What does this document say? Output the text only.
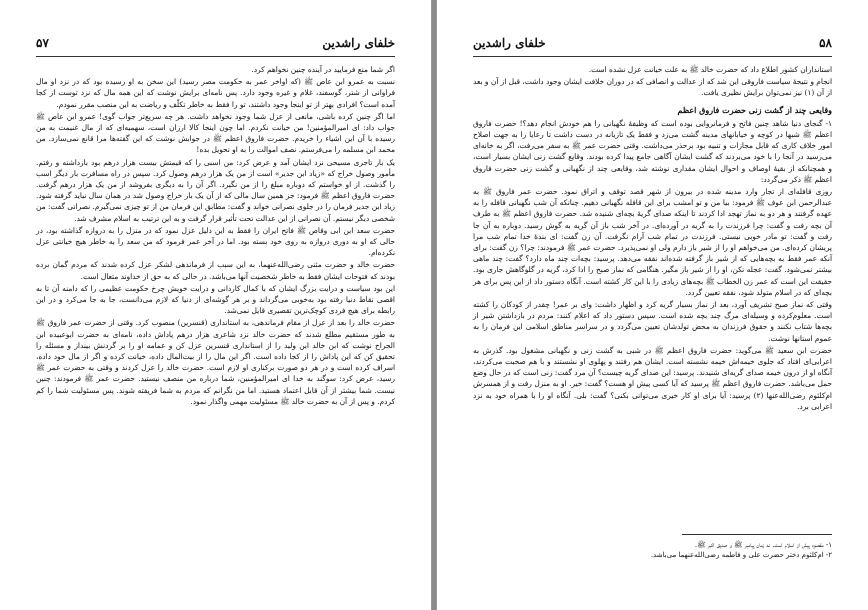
۵۷	خلفای راشدین

اگر شما منع فرمایید در آینده چنین نخواهم کرد.

نسبت به عمرو ابن عاص ﷺ (که اواخر عمر به حکومت مصر رسید) این سخن به او رسیده بود که در نزد او مال فراوانی از شتر، گوسفند، غلام و غیره وجود دارد. پس نامه‌ای برایش نوشت که این همه مال که نزد توست از کجا آمده است؟ افرادی بهتر از تو اینجا وجود داشتند، تو را فقط به خاطر تکلّف و ریاضت به این منصب مقرر نمودم.

اما اگر چنین کرده باشی، مانعی از عزل شما وجود نخواهد داشت. هر چه سریع‌تر جواب گوی! عمرو ابن عاص ﷺ جواب داد: ای امیرالمؤمنین! من خیانت نکردم. اما چون اینجا کالا ارزان است، سهمیه‌ای که از مال غنیمت به من رسیده با آن این اشیاء را خریدم. حضرت فاروق اعظم ﷺ در جوابش نوشت که این گفته‌ها مرا قانع نمی‌سازد. من محمد ابن مسلمه را می‌فرستم. نصف اموالت را به او تحویل بده!

یک بار تاجری مسیحی نزد ایشان آمد و عرض کرد: من اسبی را که قیمتش بیست هزار درهم بود بازداشته و رفتم. مأمور وصول خراج که «زیاد ابن جدیر» است از من یک هزار درهم وصول کرد. سپس در راه مسافرت بار دیگر اسب را گذشت. از او خواستم که دوباره مبلغ را از من نگیرد. اگر آن را به دیگری بفروشد از من یک هزار درهم گرفت. حضرت فاروق اعظم ﷺ فرمود: جز همین سال مالی که از آن یک بار خراج وصول شد در همان سال نباید گرفته شود. زیاد ابن جدیر فرمان را در جلوی نصرانی خواند و گفت: مطابق این فرمان من از تو چیزی نمی‌گیرم. نصرانی گفت: من شخصی دیگر نیستم. آن نصرانی از این عدالت تحت تأثیر قرار گرفت و به این ترتیب به اسلام مشرف شد.

حضرت سعد ابن ابی وقاص ﷺ فاتح ایران را فقط به این دلیل عزل نمود که در منزل را به دروازه گذاشته بود، در حالی که او به دوری دروازه به روی خود بسته بود. اما در آخر عمر فرمود که من سعد را به خاطر هیچ خیانتی عزل نکرده‌ام.

حضرت خالد و حضرت مثنی رضی‌الله‌عنهما، به این سبب از فرماندهی لشکر عزل کرده شدند که مردم گمان برده بودند که فتوحات ایشان فقط به خاطر شخصیت آنها می‌باشد. در حالی که به حق از خداوند متعال است.

این بود سیاست و درایت بزرگ ایشان که با کمال کاردانی و درایت خویش چرخ حکومت عظیمی را که دامنه آن تا به اقصی نقاط دنیا رفته بود به‌خوبی می‌گرداند و بر هر گوشه‌ای از دنیا که لازم می‌دانست، جا به جا می‌کرد و در این رابطه برای هیچ فردی کوچک‌ترین تقصیری قایل نمی‌شد.

حضرت خالد را بعد از عزل از مقام فرماندهی، به استانداری (قنسرین) منصوب کرد. وقتی از حضرت عمر فاروق ﷺ به طور مستقیم مطلع شدند که حضرت خالد نزد شاعری هزار درهم پاداش داده، نامه‌ای به حضرت ابوعبیده ابن الجراح نوشت که ابن خالد ابن ولید را از استانداری قنسرین عزل کن و عمامه او را بر گردنش بینداز و مسئله را تحقیق کن که این پاداش را از کجا داده است. اگر این مال را از بیت‌المال داده، خیانت کرده و اگر از مال خود داده، اسراف کرده است و در هر دو صورت برکناری او لازم است. حضرت خالد را عزل کردند و وقتی به حضرت عمر ﷺ رسید، عرض کرد: سوگند به خدا ای امیرالمؤمنین، شما درباره من منصف نیستید. حضرت عمر ﷺ فرمودند: چنین نیست. شما بیشتر از آن قابل اعتماد هستید. اما من نگرانم که مردم به شما فریفته شوند. پس مسئولیت شما را کم کردم. و پس از آن به حضرت خالد ﷺ مسئولیت مهمی واگذار نمود.

۵۸
خلفای راشدین

استانداران کشور اطلاع داد که حضرت خالد ﷺ به علت خیانت عزل نشده است.

انجام و نتیجهٔ سیاست فاروقی این شد که از عدالت و انصافی که در دوران خلافت ایشان وجود داشت، قبل از آن و بعد از آن (۱) نیز نمی‌توان برایش نظیری یافت.

وقایعی چند از گشت زنی حضرت فاروق اعظم

۱- گنجای دنیا شاهد چنین فاتح و فرمانروایی بوده است که وظیفهٔ نگهبانی را هم خودش انجام دهد؟! حضرت فاروق اعظم ﷺ شبها در کوچه و خیابانهای مدینه گشت می‌زد و فقط یک تازیانه در دست داشت تا رعایا را به جهت اصلاح امور خلاف کاری که قابل مجازات و تنبیه بود برحذر می‌داشت. وقتی حضرت عمر ﷺ به سفر می‌رفت، اگر به خانه‌ای می‌رسید در آنجا را با خود می‌بردند که گشت ایشان آگاهی جامع پیدا کرده بودند. وقایع گشت زنی ایشان بسیار است، و همچنانکه از بقیهٔ اوصاف و احوال ایشان مقداری نوشته شد، وقایعی چند از نگهبانی و گشت زنی حضرت فاروق اعظم ﷺ ذکر می‌گردد:

روزی قافله‌ای از تجار وارد مدینه شده در بیرون از شهر قصد توقف و اتراق نمود. حضرت عمر فاروق ﷺ به عبدالرحمن ابن عوف ﷺ فرمود: بیا من و تو امشب برای این قافله نگهبانی دهیم. چنانکه آن شب نگهبانی قافله را به عهده گرفتند و هر دو به نماز تهجد ادا کردند تا اینکه صدای گریهٔ بچه‌ای شنیده شد. حضرت فاروق اعظم ﷺ به طرف آن بچه رفت و گفت: چرا فرزندت را به گریه در آورده‌ای. در آخر شب باز آن گریه به گوش رسید. دوباره به آن جا رفت و گفت: تو مادر خوبی نیستی. فرزندت در تمام شب آرام نگرفت. آن زن گفت: ای بندهٔ خدا تمام شب مرا پریشان کرده‌ای. من می‌خواهم او را از شیر باز دارم ولی او نمی‌پذیرد. حضرت عمر ﷺ فرمودند: چرا؟ زن گفت: برای آنکه عمر فقط به بچه‌هایی که از شیر باز گرفته شده‌اند نفقه می‌دهد. پرسید: بچه‌ات چند ماه دارد؟ گفت: چند ماهی بیشتر نمی‌شود. گفت: عجله نکن، او را از شیر باز مگیر. هنگامی که نماز صبح را ادا کرد، گریه در گلوگاهش جاری بود. حقیقت این است که عمر زن الخطاب ﷺ بچه‌های زیادی را با این کار کشته است. آنگاه دستور داد از این پس برای هر بچه‌ای که در اسلام متولد شود، نفقه تعیین گردد.

وقتی که نماز صبح تشریف آورد، بعد از نماز بسیار گریه کرد و اظهار داشت: وای بر عمر! چقدر از کودکان را کشته است. معلوم‌کرده و وسیله‌ای مرگ چند بچه شده است. سپس دستور داد که اعلام کنند: مردم در بازداشتن شیر از بچه‌ها شتاب نکنند و حقوق فرزندان به محض تولدشان تعیین می‌گردد و در سراسر مناطق اسلامی این فرمان را به عموم استانها نوشت.

حضرت ابن سعید ﷺ می‌گوید: حضرت فاروق اعظم ﷺ در شبی به گشت زنی و نگهبانی مشغول بود. گذرش به اعرابی‌ای افتاد که جلوی خیمه‌اش خیمه نشسته است. ایشان هم رفتند و پهلوی او نشستند و با هم صحبت می‌کردند، آنگاه او از درون خیمه صدای گریه‌ای شنیدند. پرسید: این صدای گریه چیست؟ آن مرد گفت: زنی است که در حال وضع حمل می‌باشد. حضرت فاروق اعظم ﷺ پرسید که آیا کسی پیش او هست؟ گفت: خیر. او به منزل رفت و از همسرش ام‌کلثوم رضی‌الله‌عنها (۲) پرسید: آیا برای او کار خیری می‌توانی بکنی؟ گفت: بلی. آنگاه او را با همراه خود به نزد اعرابی برد.

۱- مقصود پیش از اسلام است. نه زمان پیامبر ﷺ و صدیق اکبر ﷺ.

۲- ام‌کلثوم دختر حضرت علی و فاطمه رضی‌الله‌عنهما می‌باشد.
